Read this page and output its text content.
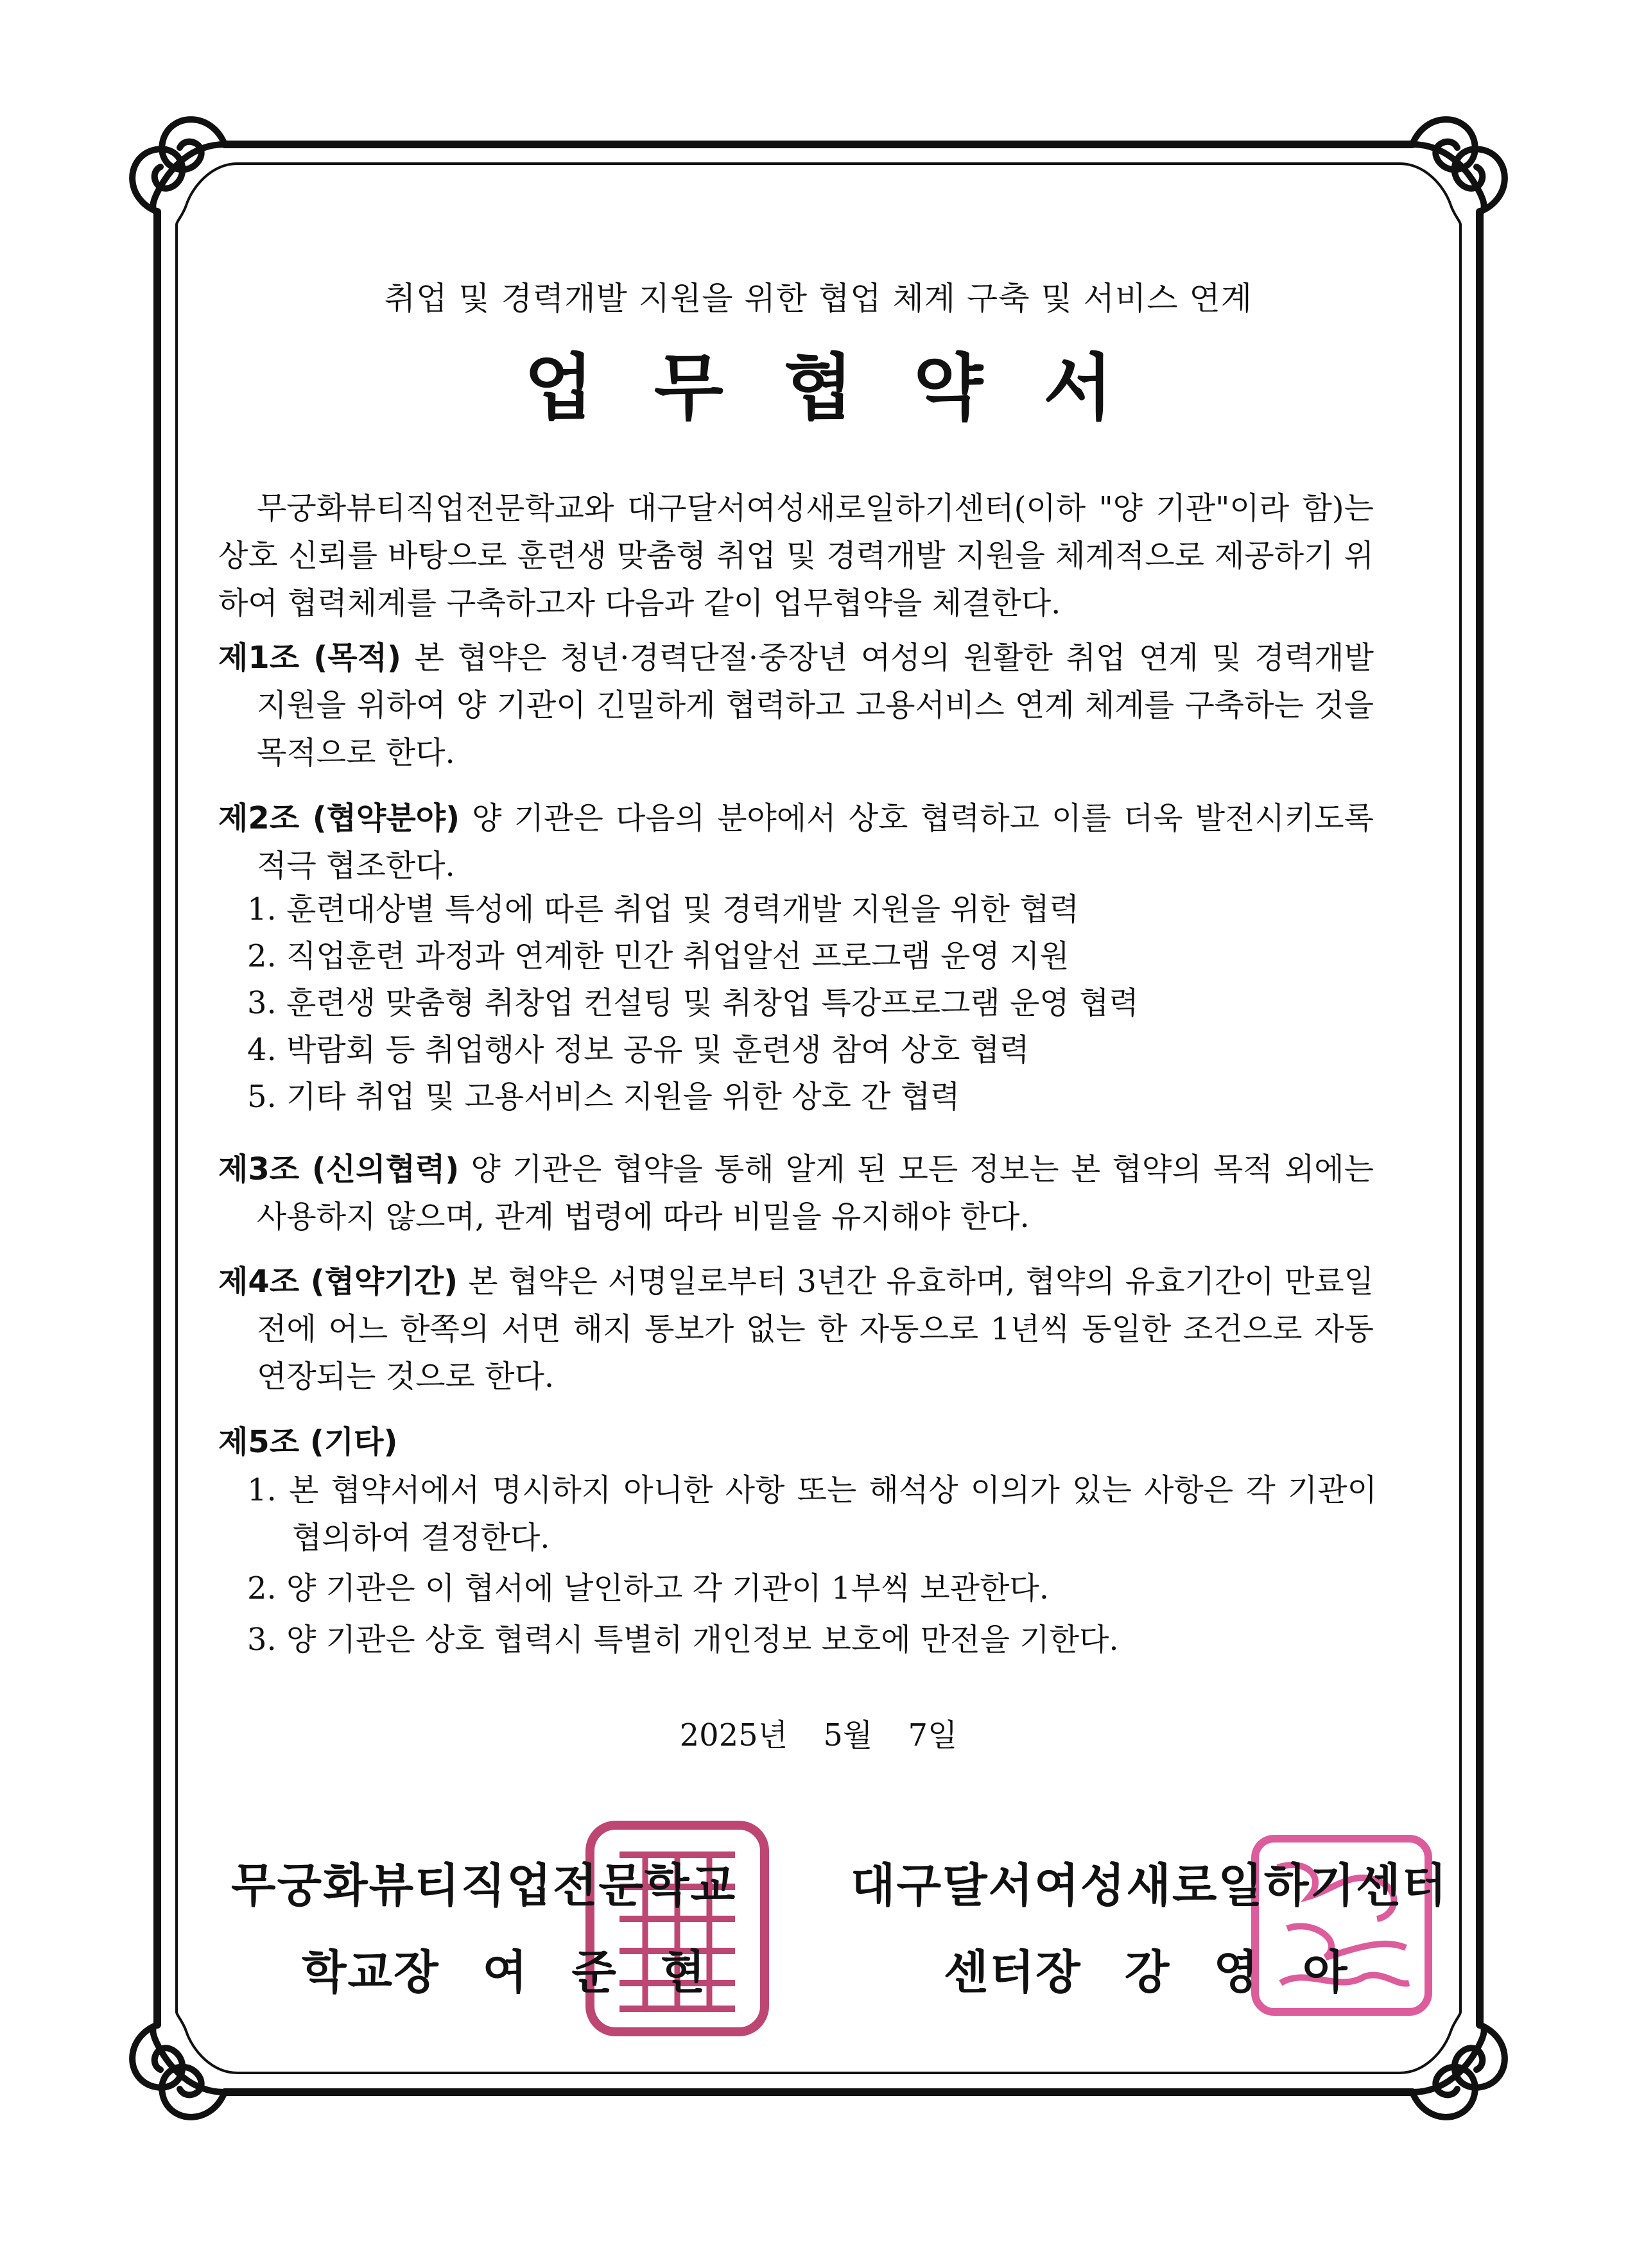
취업 및 경력개발 지원을 위한 협업 체계 구축 및 서비스 연계
업 무 협 약 서
무궁화뷰티직업전문학교와 대구달서여성새로일하기센터(이하 "양 기관"이라 함)는 상호 신뢰를 바탕으로 훈련생 맞춤형 취업 및 경력개발 지원을 체계적으로 제공하기 위하여 협력체계를 구축하고자 다음과 같이 업무협약을 체결한다.
제1조 (목적) 본 협약은 청년·경력단절·중장년 여성의 원활한 취업 연계 및 경력개발 지원을 위하여 양 기관이 긴밀하게 협력하고 고용서비스 연계 체계를 구축하는 것을 목적으로 한다.
제2조 (협약분야) 양 기관은 다음의 분야에서 상호 협력하고 이를 더욱 발전시키도록 적극 협조한다.
1. 훈련대상별 특성에 따른 취업 및 경력개발 지원을 위한 협력
2. 직업훈련 과정과 연계한 민간 취업알선 프로그램 운영 지원
3. 훈련생 맞춤형 취창업 컨설팅 및 취창업 특강프로그램 운영 협력
4. 박람회 등 취업행사 정보 공유 및 훈련생 참여 상호 협력
5. 기타 취업 및 고용서비스 지원을 위한 상호 간 협력
제3조 (신의협력) 양 기관은 협약을 통해 알게 된 모든 정보는 본 협약의 목적 외에는 사용하지 않으며, 관계 법령에 따라 비밀을 유지해야 한다.
제4조 (협약기간) 본 협약은 서명일로부터 3년간 유효하며, 협약의 유효기간이 만료일 전에 어느 한쪽의 서면 해지 통보가 없는 한 자동으로 1년씩 동일한 조건으로 자동 연장되는 것으로 한다.
제5조 (기타)
1. 본 협약서에서 명시하지 아니한 사항 또는 해석상 이의가 있는 사항은 각 기관이 협의하여 결정한다.
2. 양 기관은 이 협서에 날인하고 각 기관이 1부씩 보관한다.
3. 양 기관은 상호 협력시 특별히 개인정보 보호에 만전을 기한다.
2025년 5월 7일
무궁화뷰티직업전문학교
학교장 여 준 현
대구달서여성새로일하기센터
센터장 강 영 아
